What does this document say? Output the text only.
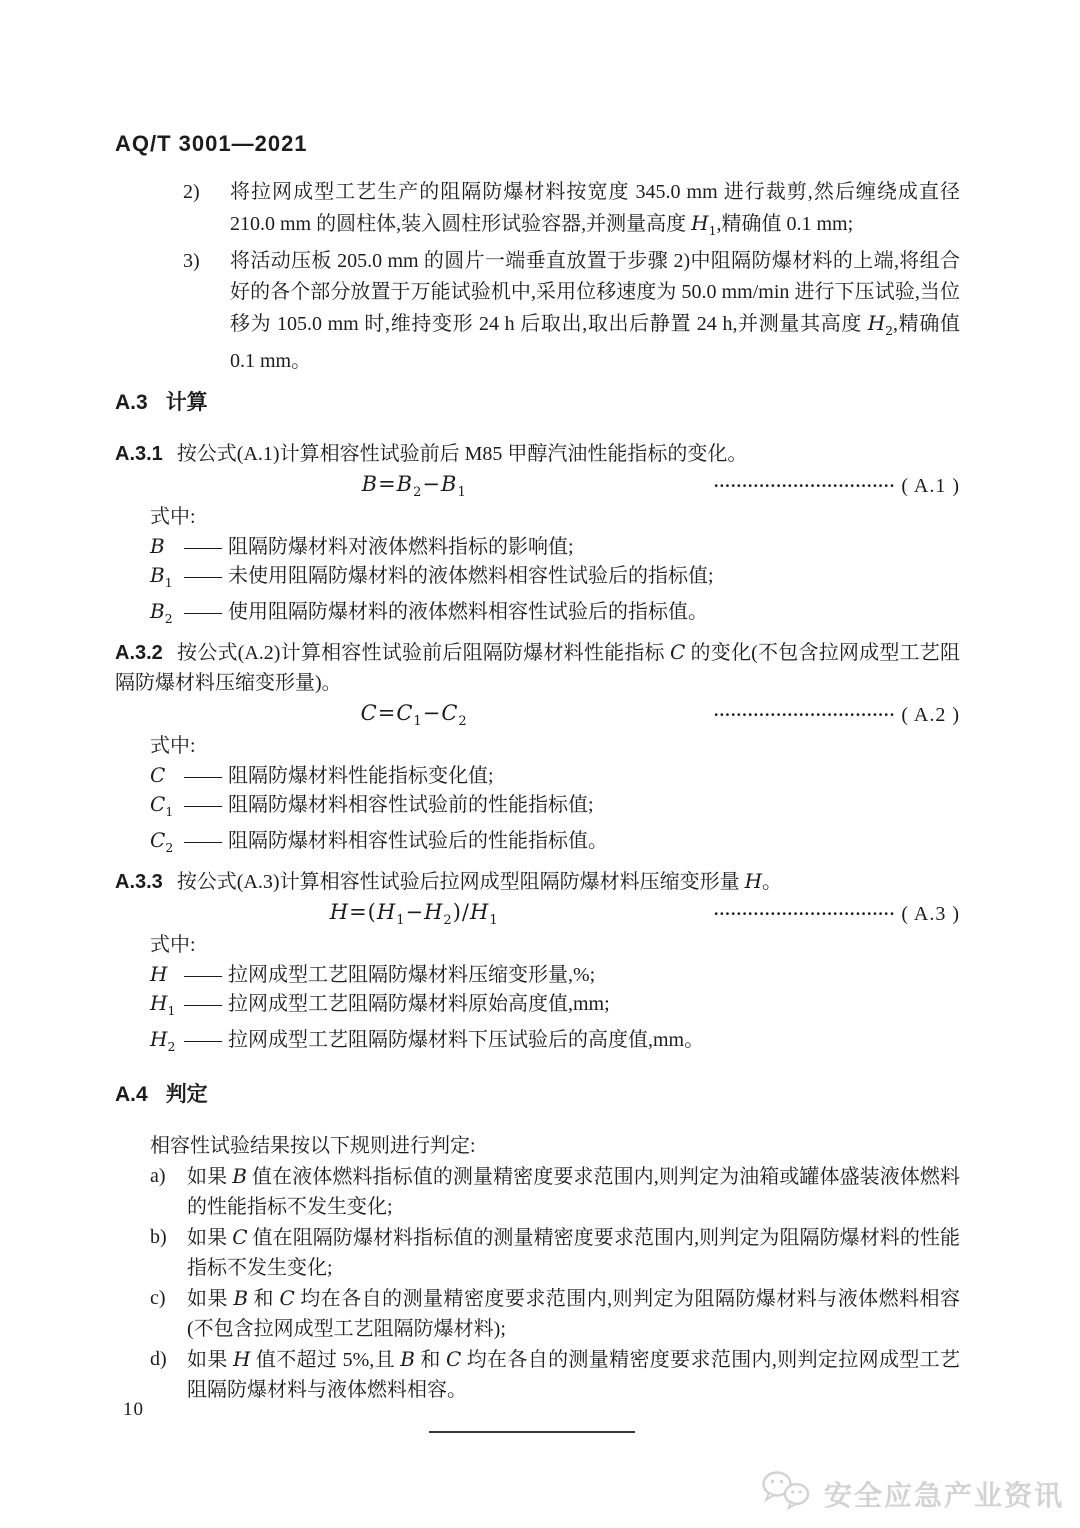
AQ/T 3001—2021
2) 将拉网成型工艺生产的阻隔防爆材料按宽度 345.0 mm 进行裁剪,然后缠绕成直径 210.0 mm 的圆柱体,装入圆柱形试验容器,并测量高度 $H_1$,精确值 0.1 mm;
3) 将活动压板 205.0 mm 的圆片一端垂直放置于步骤 2)中阻隔防爆材料的上端,将组合好的各个部分放置于万能试验机中,采用位移速度为 50.0 mm/min 进行下压试验,当位移为 105.0 mm 时,维持变形 24 h 后取出,取出后静置 24 h,并测量其高度 $H_2$,精确值 0.1 mm。
A.3 计算

A.3.1 按公式(A.1)计算相容性试验前后 M85 甲醇汽油性能指标的变化。

$B=B_2-B_1$	································ ( A.1 )
式中:
B —— 阻隔防爆材料对液体燃料指标的影响值;
$B_1$ —— 未使用阻隔防爆材料的液体燃料相容性试验后的指标值;
$B_2$ —— 使用阻隔防爆材料的液体燃料相容性试验后的指标值。

A.3.2 按公式(A.2)计算相容性试验前后阻隔防爆材料性能指标 C 的变化(不包含拉网成型工艺阻隔防爆材料压缩变形量)。

$C=C_1-C_2$	································ ( A.2 )
式中:
C —— 阻隔防爆材料性能指标变化值;
$C_1$ —— 阻隔防爆材料相容性试验前的性能指标值;
$C_2$ —— 阻隔防爆材料相容性试验后的性能指标值。

A.3.3 按公式(A.3)计算相容性试验后拉网成型阻隔防爆材料压缩变形量 H。

$H=(H_1-H_2)/H_1$	································ ( A.3 )
式中:
H —— 拉网成型工艺阻隔防爆材料压缩变形量,%;
$H_1$ —— 拉网成型工艺阻隔防爆材料原始高度值,mm;
$H_2$ —— 拉网成型工艺阻隔防爆材料下压试验后的高度值,mm。
A.4 判定

相容性试验结果按以下规则进行判定:

a) 如果 B 值在液体燃料指标值的测量精密度要求范围内,则判定为油箱或罐体盛装液体燃料的性能指标不发生变化;
b) 如果 C 值在阻隔防爆材料指标值的测量精密度要求范围内,则判定为阻隔防爆材料的性能指标不发生变化;
c) 如果 B 和 C 均在各自的测量精密度要求范围内,则判定为阻隔防爆材料与液体燃料相容(不包含拉网成型工艺阻隔防爆材料);
d) 如果 H 值不超过 5%,且 B 和 C 均在各自的测量精密度要求范围内,则判定拉网成型工艺阻隔防爆材料与液体燃料相容。
10
安全应急产业资讯
